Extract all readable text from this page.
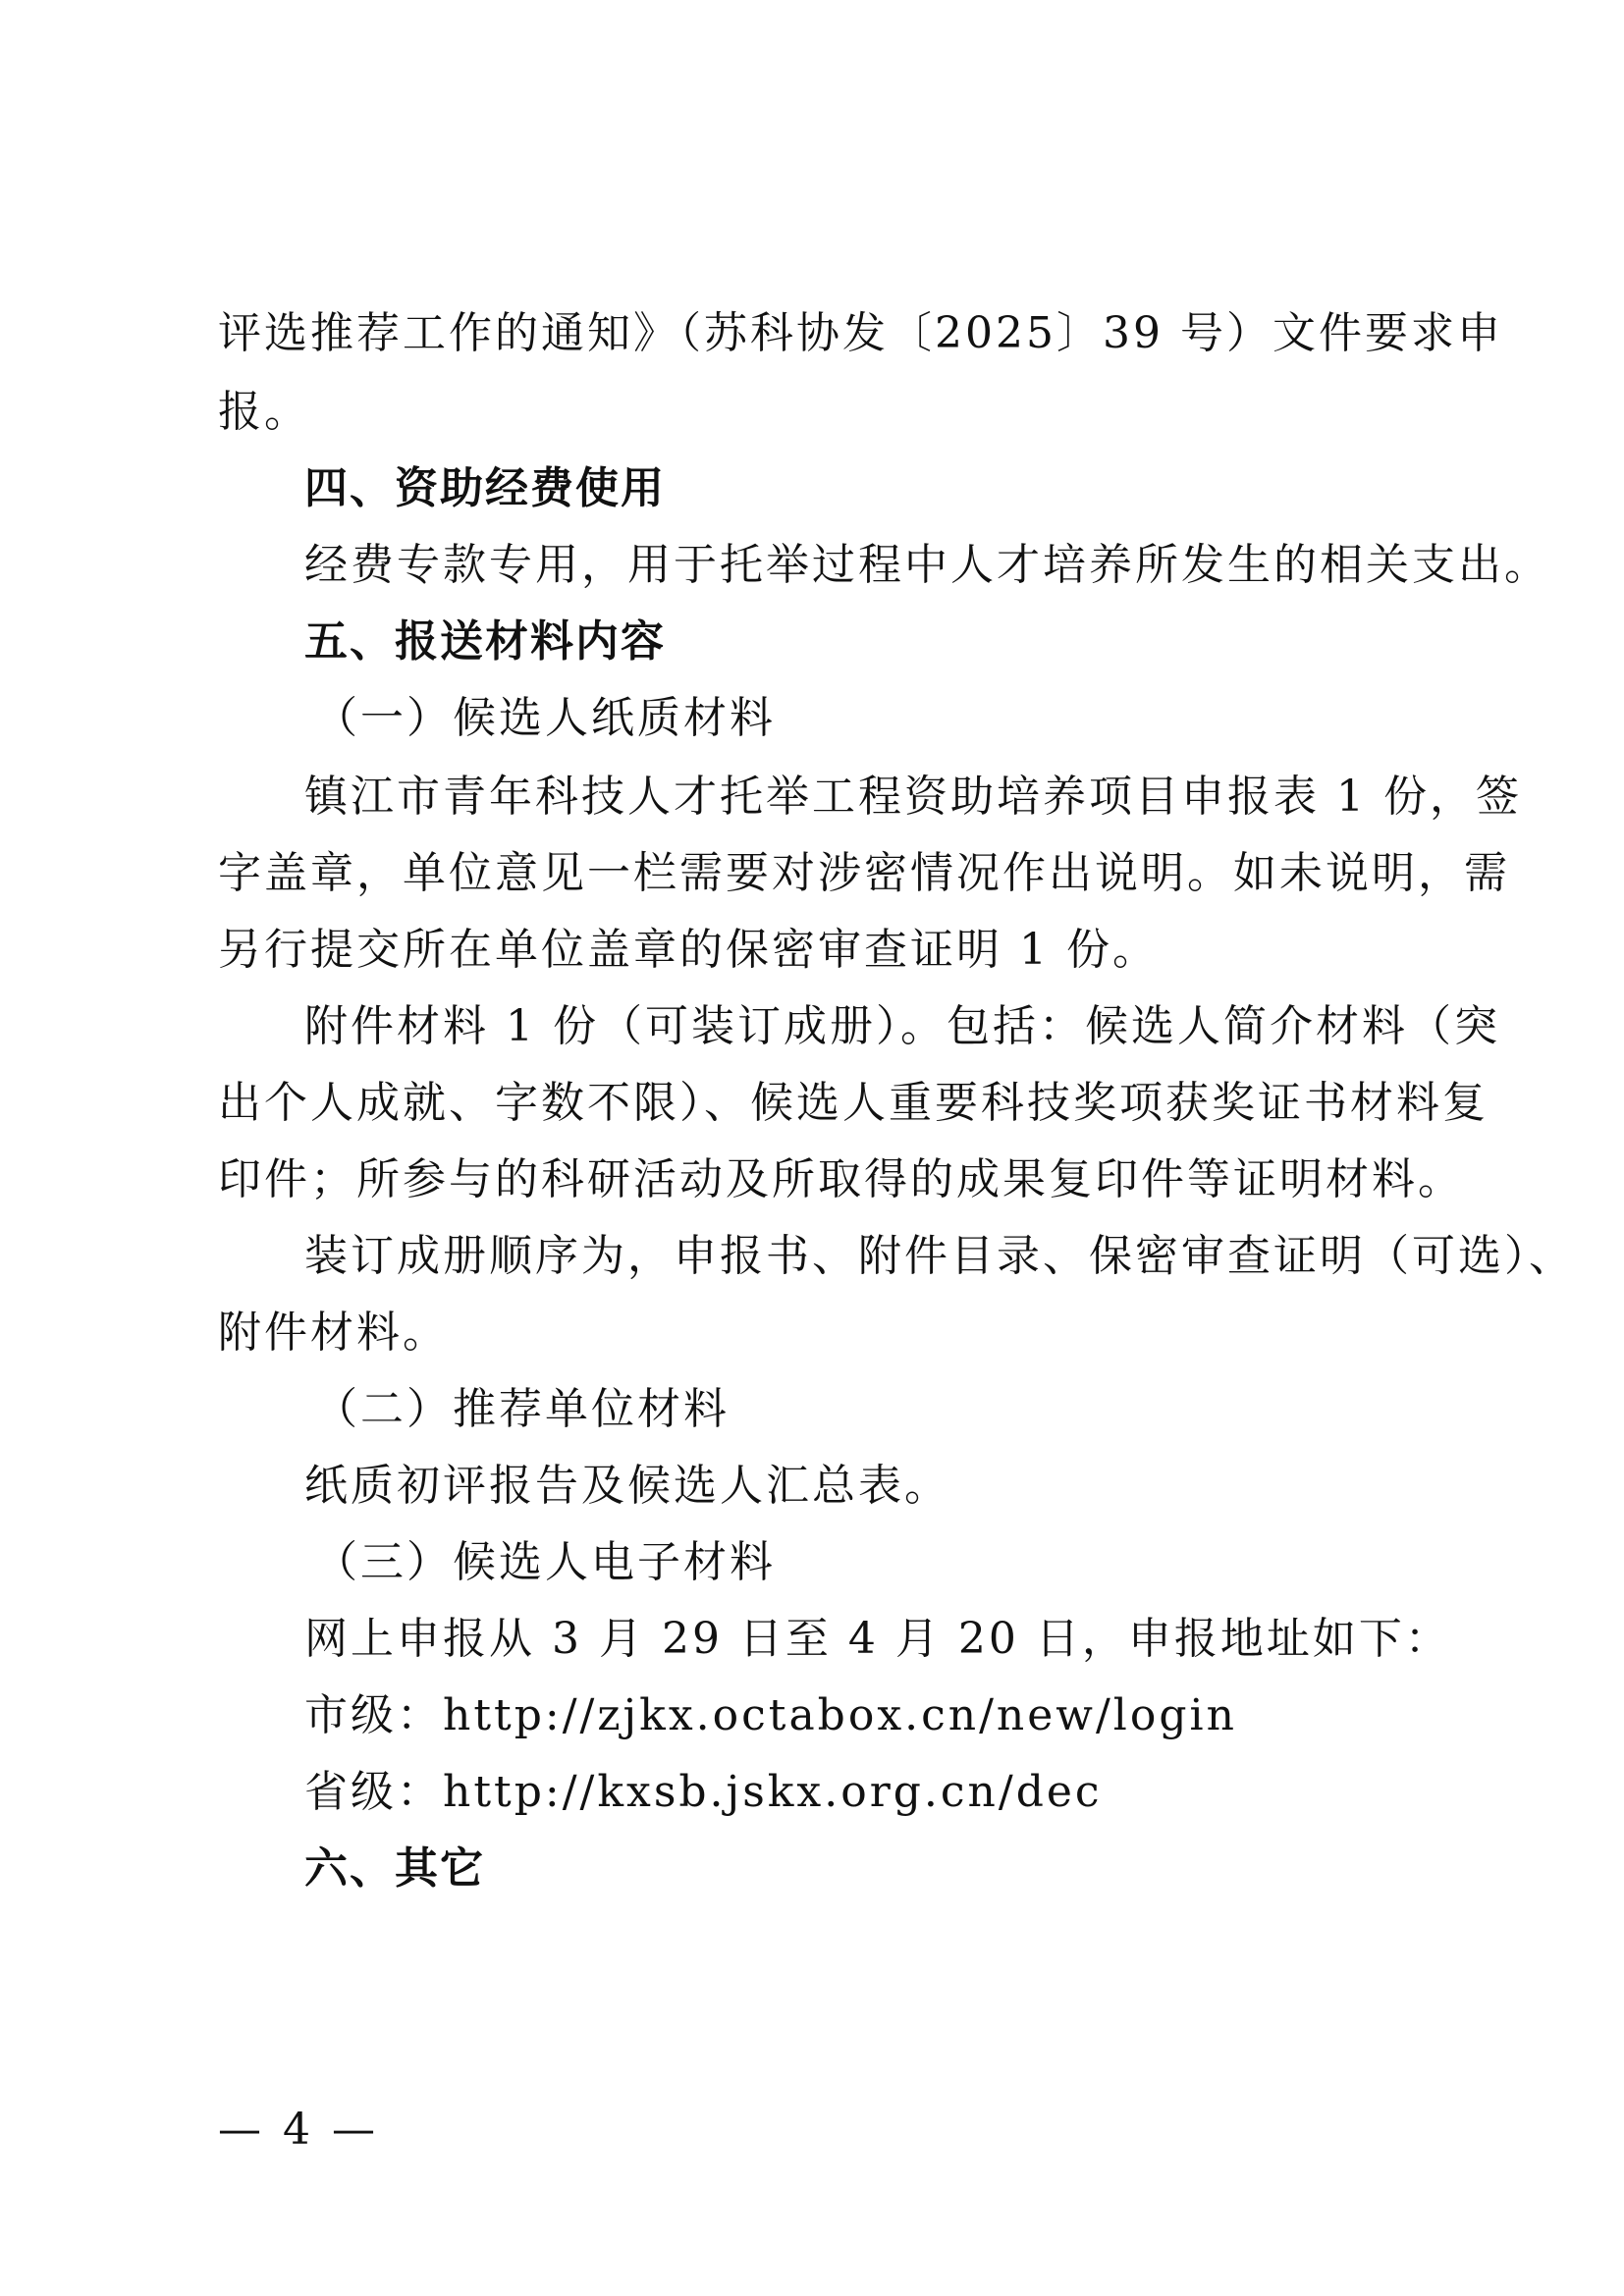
评选推荐工作的通知》（苏科协发〔2025〕39 号）文件要求申
报。
四、资助经费使用
经费专款专用，用于托举过程中人才培养所发生的相关支出。
五、报送材料内容
（一）候选人纸质材料
镇江市青年科技人才托举工程资助培养项目申报表 1 份，签
字盖章，单位意见一栏需要对涉密情况作出说明。如未说明，需
另行提交所在单位盖章的保密审查证明 1 份。
附件材料 1 份（可装订成册）。包括：候选人简介材料（突
出个人成就、字数不限）、候选人重要科技奖项获奖证书材料复
印件；所参与的科研活动及所取得的成果复印件等证明材料。
装订成册顺序为，申报书、附件目录、保密审查证明（可选）、
附件材料。
（二）推荐单位材料
纸质初评报告及候选人汇总表。
（三）候选人电子材料
网上申报从 3 月 29 日至 4 月 20 日，申报地址如下：
市级：http://zjkx.octabox.cn/new/login
省级：http://kxsb.jskx.org.cn/dec
六、其它
— 4 —
